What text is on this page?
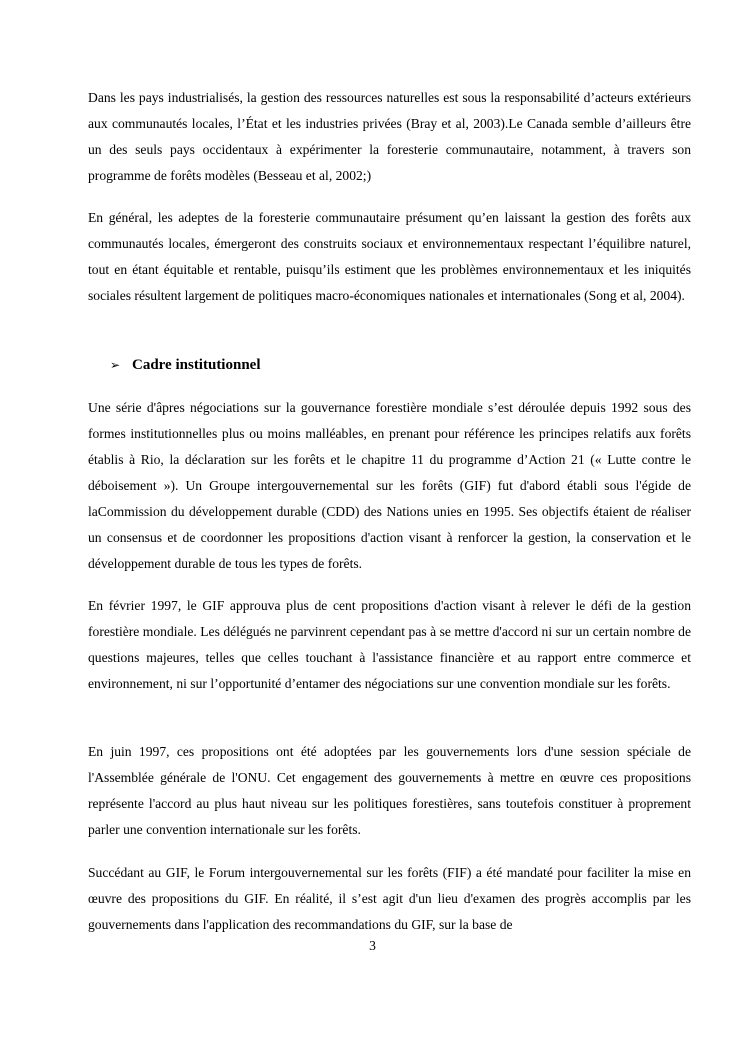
Dans les pays industrialisés, la gestion des ressources naturelles est sous la responsabilité d’acteurs extérieurs aux communautés locales, l’État et les industries privées (Bray et al, 2003).Le Canada semble d’ailleurs être un des seuls pays occidentaux à expérimenter la foresterie communautaire, notamment, à travers son programme de forêts modèles (Besseau et al, 2002;)

En général, les adeptes de la foresterie communautaire présument qu’en laissant la gestion des forêts aux communautés locales, émergeront des construits sociaux et environnementaux respectant l’équilibre naturel, tout en étant équitable et rentable, puisqu’ils estiment que les problèmes environnementaux et les iniquités sociales résultent largement de politiques macro-économiques nationales et internationales (Song et al, 2004).

➢ Cadre institutionnel

Une série d'âpres négociations sur la gouvernance forestière mondiale s’est déroulée depuis 1992 sous des formes institutionnelles plus ou moins malléables, en prenant pour référence les principes relatifs aux forêts établis à Rio, la déclaration sur les forêts et le chapitre 11 du programme d’Action 21 (« Lutte contre le déboisement »). Un Groupe intergouvernemental sur les forêts (GIF) fut d'abord établi sous l'égide de laCommission du développement durable (CDD) des Nations unies en 1995. Ses objectifs étaient de réaliser un consensus et de coordonner les propositions d'action visant à renforcer la gestion, la conservation et le développement durable de tous les types de forêts.

En février 1997, le GIF approuva plus de cent propositions d'action visant à relever le défi de la gestion forestière mondiale. Les délégués ne parvinrent cependant pas à se mettre d'accord ni sur un certain nombre de questions majeures, telles que celles touchant à l'assistance financière et au rapport entre commerce et environnement, ni sur l’opportunité d’entamer des négociations sur une convention mondiale sur les forêts.

En juin 1997, ces propositions ont été adoptées par les gouvernements lors d'une session spéciale de l'Assemblée générale de l'ONU. Cet engagement des gouvernements à mettre en œuvre ces propositions représente l'accord au plus haut niveau sur les politiques forestières, sans toutefois constituer à proprement parler une convention internationale sur les forêts.

Succédant au GIF, le Forum intergouvernemental sur les forêts (FIF) a été mandaté pour faciliter la mise en œuvre des propositions du GIF. En réalité, il s’est agit d'un lieu d'examen des progrès accomplis par les gouvernements dans l'application des recommandations du GIF, sur la base de

3
